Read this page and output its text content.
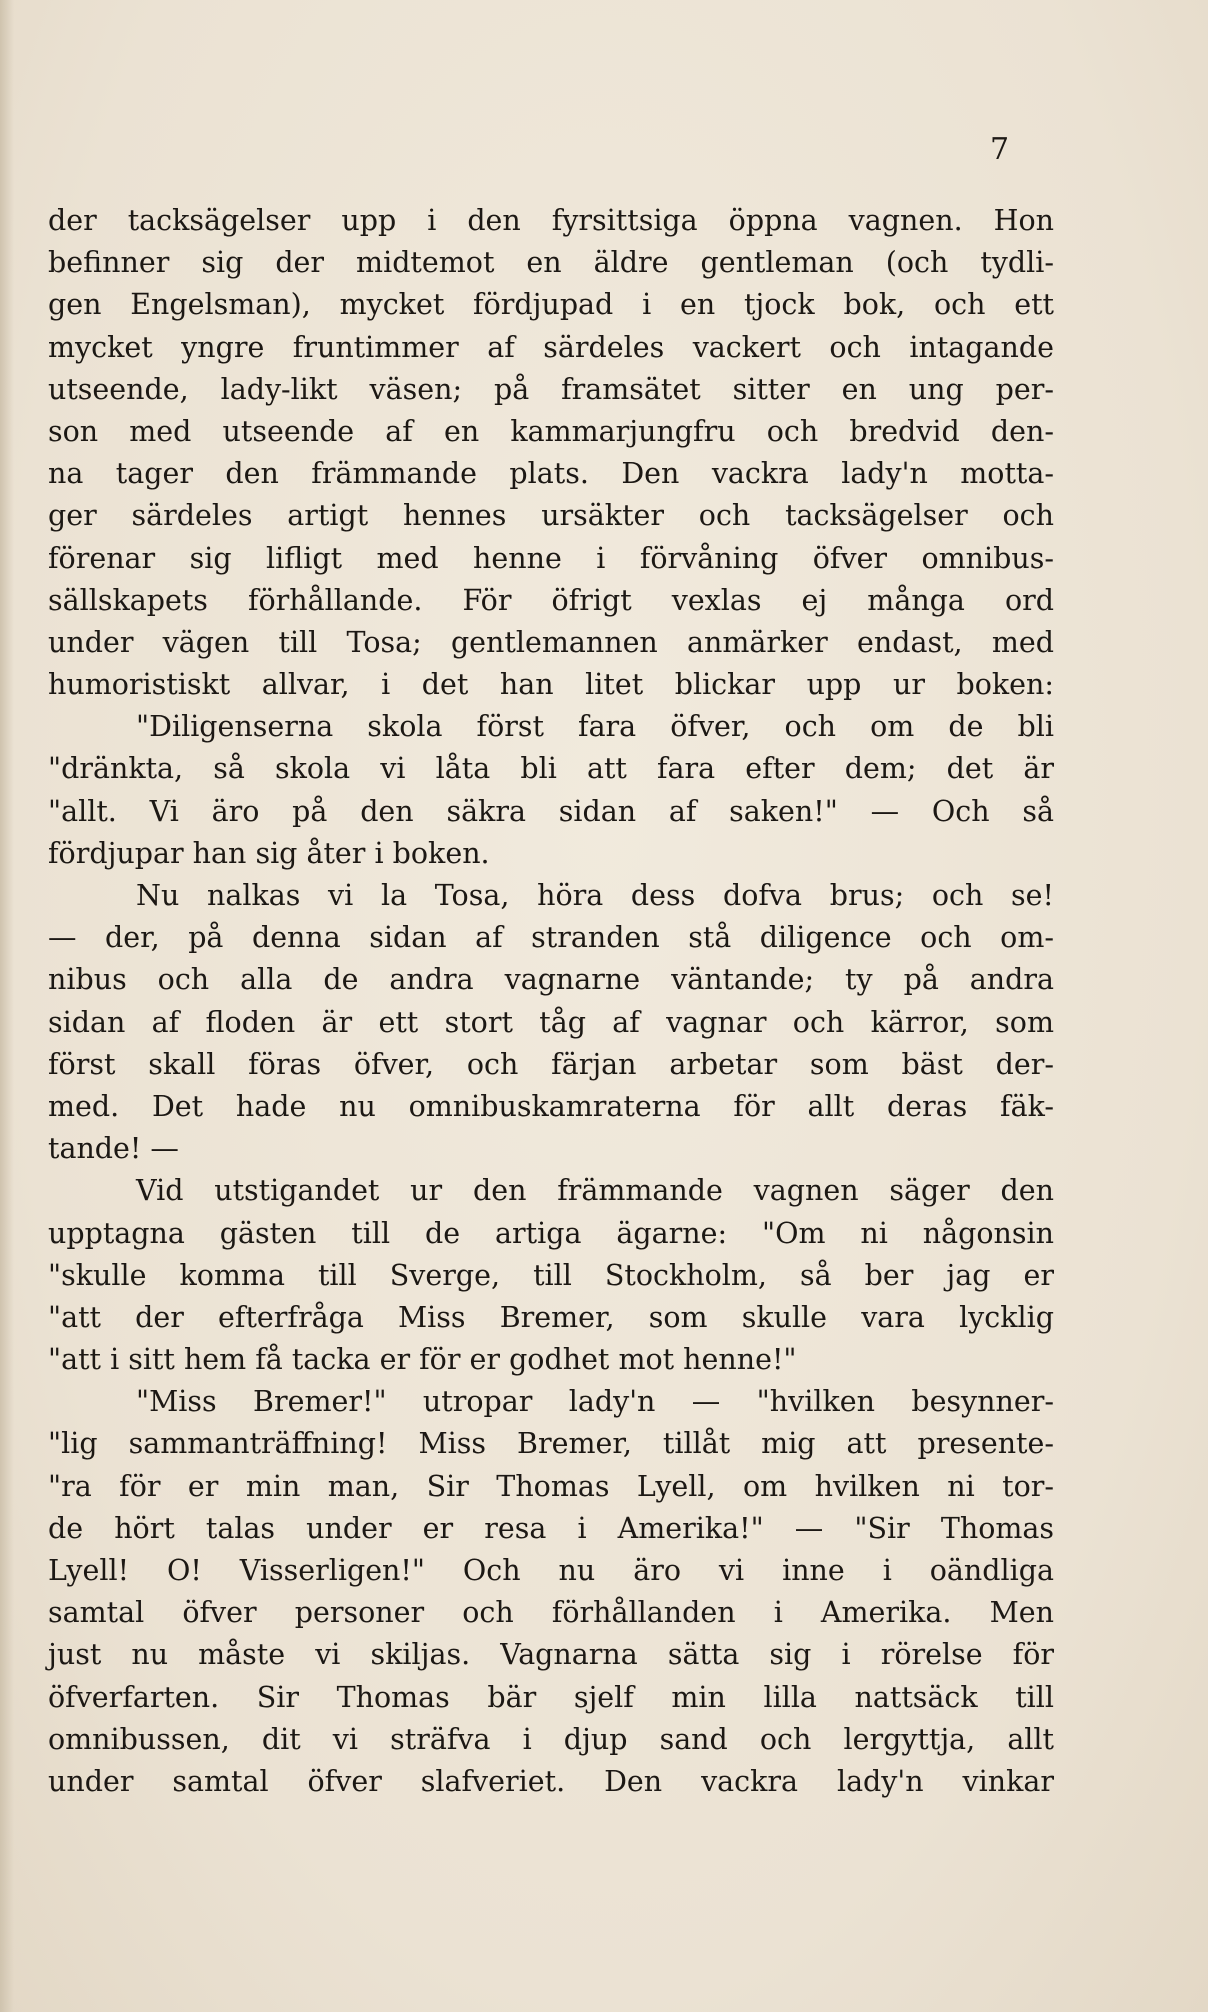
7
der tacksägelser upp i den fyrsittsiga öppna vagnen. Hon
befinner sig der midtemot en äldre gentleman (och tydli-
gen Engelsman), mycket fördjupad i en tjock bok, och ett
mycket yngre fruntimmer af särdeles vackert och intagande
utseende, lady-likt väsen; på framsätet sitter en ung per-
son med utseende af en kammarjungfru och bredvid den-
na tager den främmande plats. Den vackra lady'n motta-
ger särdeles artigt hennes ursäkter och tacksägelser och
förenar sig lifligt med henne i förvåning öfver omnibus-
sällskapets förhållande. För öfrigt vexlas ej många ord
under vägen till Tosa; gentlemannen anmärker endast, med
humoristiskt allvar, i det han litet blickar upp ur boken:
"Diligenserna skola först fara öfver, och om de bli
"dränkta, så skola vi låta bli att fara efter dem; det är
"allt. Vi äro på den säkra sidan af saken!" — Och så
fördjupar han sig åter i boken.
Nu nalkas vi la Tosa, höra dess dofva brus; och se!
— der, på denna sidan af stranden stå diligence och om-
nibus och alla de andra vagnarne väntande; ty på andra
sidan af floden är ett stort tåg af vagnar och kärror, som
först skall föras öfver, och färjan arbetar som bäst der-
med. Det hade nu omnibuskamraterna för allt deras fäk-
tande! —
Vid utstigandet ur den främmande vagnen säger den
upptagna gästen till de artiga ägarne: "Om ni någonsin
"skulle komma till Sverge, till Stockholm, så ber jag er
"att der efterfråga Miss Bremer, som skulle vara lycklig
"att i sitt hem få tacka er för er godhet mot henne!"
"Miss Bremer!" utropar lady'n — "hvilken besynner-
"lig sammanträffning! Miss Bremer, tillåt mig att presente-
"ra för er min man, Sir Thomas Lyell, om hvilken ni tor-
de hört talas under er resa i Amerika!" — "Sir Thomas
Lyell! O! Visserligen!" Och nu äro vi inne i oändliga
samtal öfver personer och förhållanden i Amerika. Men
just nu måste vi skiljas. Vagnarna sätta sig i rörelse för
öfverfarten. Sir Thomas bär sjelf min lilla nattsäck till
omnibussen, dit vi sträfva i djup sand och lergyttja, allt
under samtal öfver slafveriet. Den vackra lady'n vinkar
